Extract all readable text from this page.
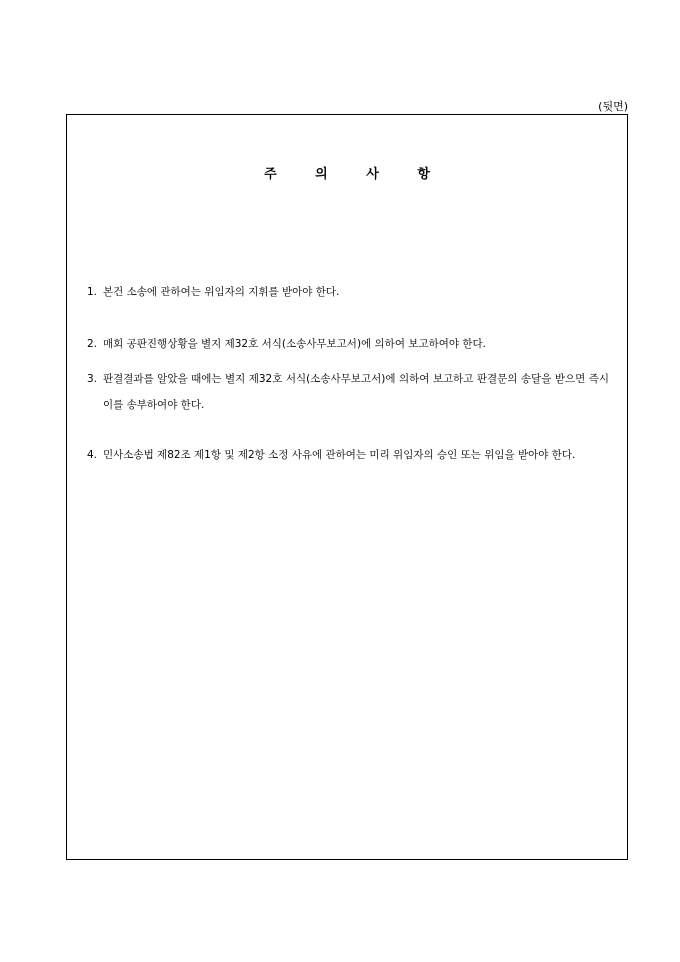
(뒷면)
주 의 사 항
1. 본건 소송에 관하여는 위임자의 지휘를 받아야 한다.
2. 매회 공판진행상황을 별지 제32호 서식(소송사무보고서)에 의하여 보고하여야 한다.
3. 판결결과를 알았을 때에는 별지 제32호 서식(소송사무보고서)에 의하여 보고하고 판결문의 송달을 받으면 즉시 이를 송부하여야 한다.
4. 민사소송법 제82조 제1항 및 제2항 소정 사유에 관하여는 미리 위임자의 승인 또는 위임을 받아야 한다.
